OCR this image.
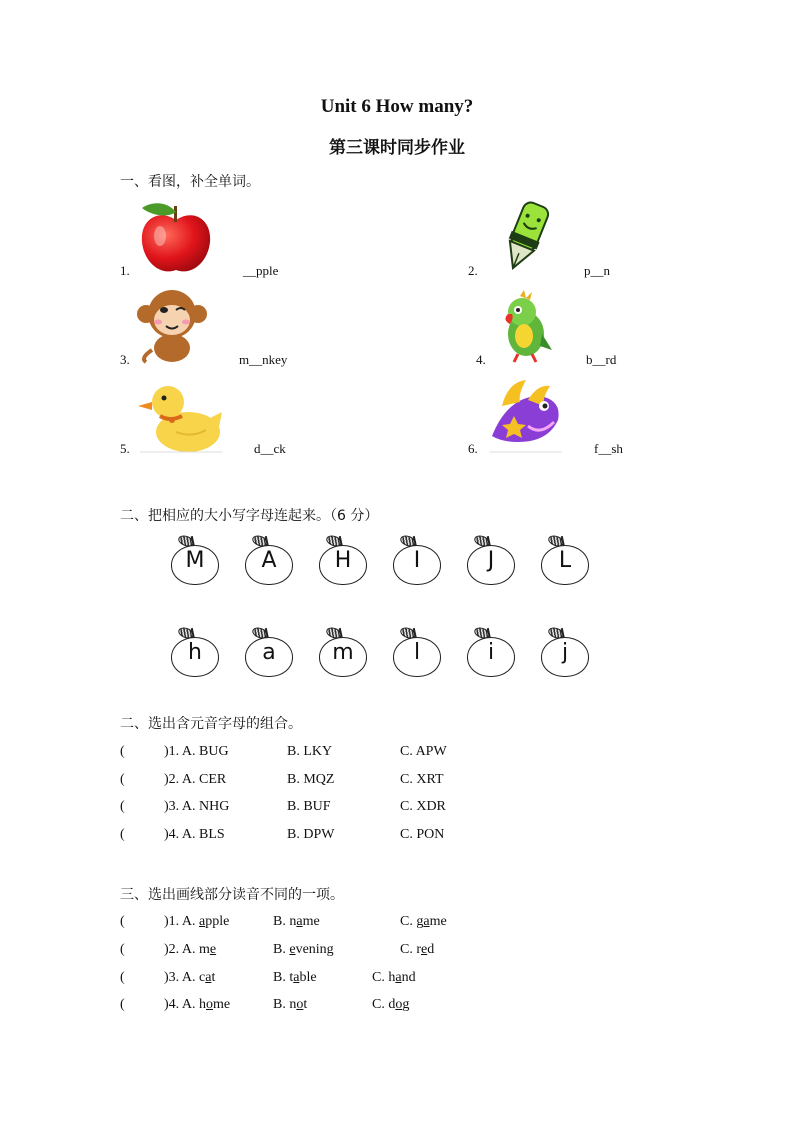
Unit 6 How many?
第三课时同步作业
一、看图，补全单词。
1.	__pple	2.	p__n
3.	m__nkey	4.	b__rd
5.	d__ck	6.	f__sh
二、把相应的大小写字母连起来。（6 分）
M	A	H	I	J	L
h	a	m	l	i	j
二、选出含元音字母的组合。
(	)1. A. BUG	B. LKY	C. APW
(	)2. A. CER	B. MQZ	C. XRT
(	)3. A. NHG	B. BUF	C. XDR
(	)4. A. BLS	B. DPW	C. PON
三、选出画线部分读音不同的一项。
(	)1. A. apple	B. name	C. game
(	)2. A. me	B. evening	C. red
(	)3. A. cat	B. table	C. hand
(	)4. A. home	B. not	C. dog
